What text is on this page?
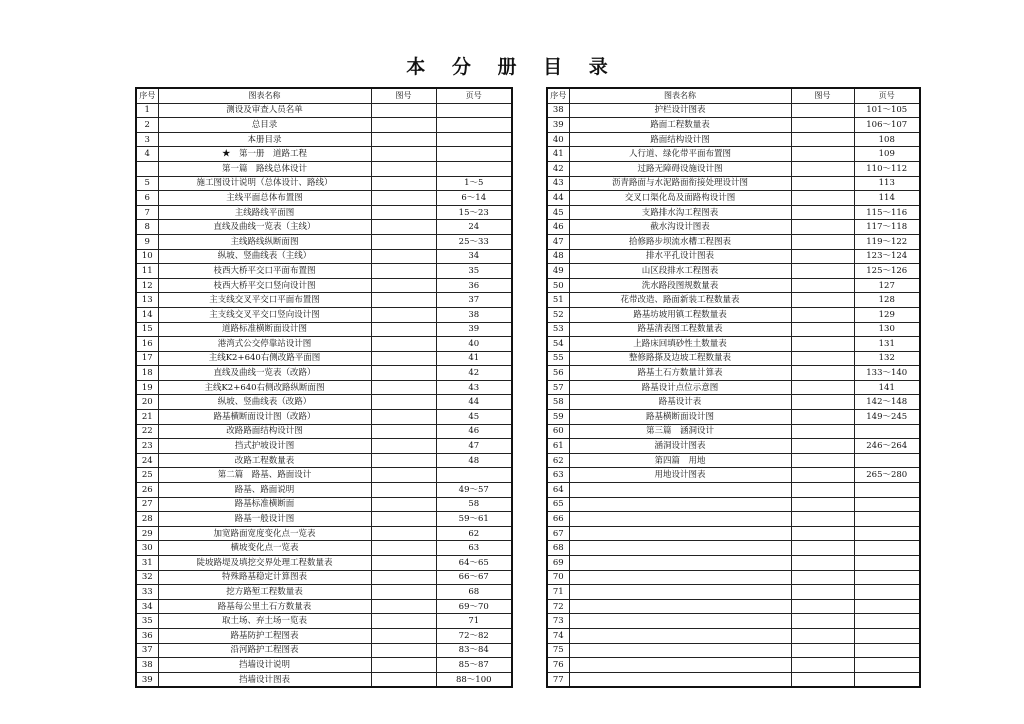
本 分 册 目 录
序号	图表名称	图号	页号
1	测设及审查人员名单		
2	总目录		
3	本册目录		
4	★　第一册　道路工程		
	第一篇　路线总体设计		
5	施工图设计说明（总体设计、路线）		1～5
6	主线平面总体布置图		6～14
7	主线路线平面图		15～23
8	直线及曲线一览表（主线）		24
9	主线路线纵断面图		25～33
10	纵坡、竖曲线表（主线）		34
11	枝西大桥平交口平面布置图		35
12	枝西大桥平交口竖向设计图		36
13	主支线交叉平交口平面布置图		37
14	主支线交叉平交口竖向设计图		38
15	道路标准横断面设计图		39
16	港湾式公交停靠站设计图		40
17	主线K2+640右侧改路平面图		41
18	直线及曲线一览表（改路）		42
19	主线K2+640右侧改路纵断面图		43
20	纵坡、竖曲线表（改路）		44
21	路基横断面设计图（改路）		45
22	改路路面结构设计图		46
23	挡式护坡设计图		47
24	改路工程数量表		48
25	第二篇　路基、路面设计		
26	路基、路面说明		49～57
27	路基标准横断面		58
28	路基一般设计图		59～61
29	加宽路面宽度变化点一览表		62
30	横坡变化点一览表		63
31	陡坡路堤及填挖交界处理工程数量表		64～65
32	特殊路基稳定计算图表		66～67
33	挖方路堑工程数量表		68
34	路基每公里土石方数量表		69～70
35	取土场、弃土场一览表		71
36	路基防护工程图表		72～82
37	沿河路护工程图表		83～84
38	挡墙设计说明		85～87
39	挡墙设计图表		88～100
序号	图表名称	图号	页号
38	护栏设计图表		101～105
39	路面工程数量表		106～107
40	路面结构设计图		108
41	人行道、绿化带平面布置图		109
42	过路无障碍设施设计图		110～112
43	沥青路面与水泥路面衔接处理设计图		113
44	交叉口渠化岛及面路构设计图		114
45	支路排水沟工程图表		115～116
46	截水沟设计图表		117～118
47	拾修路步坝流水槽工程图表		119～122
48	排水平孔设计图表		123～124
49	山区段排水工程图表		125～126
50	洗水路段图规数量表		127
51	花带改造、路面新装工程数量表		128
52	路基坊坡用镇工程数量表		129
53	路基清表图工程数量表		130
54	上路床回填砂性土数量表		131
55	整修路搽及边坡工程数量表		132
56	路基土石方数量计算表		133～140
57	路基设计点位示意图		141
58	路基设计表		142～148
59	路基横断面设计图		149～245
60	第三篇　涵洞设计		
61	涵洞设计图表		246～264
62	第四篇　用地		
63	用地设计图表		265～280
64			
65			
66			
67			
68			
69			
70			
71			
72			
73			
74			
75			
76			
77			
